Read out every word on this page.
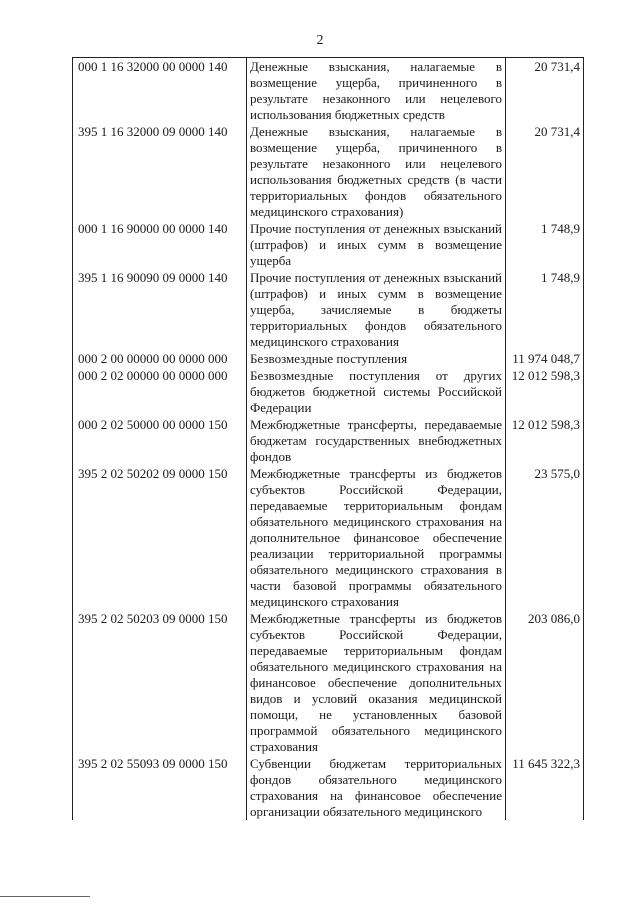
2
000 1 16 32000 00 0000 140	Денежные взыскания, налагаемые в возмещение ущерба, причиненного в результате незаконного или нецелевого использования бюджетных средств	20 731,4
395 1 16 32000 09 0000 140	Денежные взыскания, налагаемые в возмещение ущерба, причиненного в результате незаконного или нецелевого использования бюджетных средств (в части территориальных фондов обязательного медицинского страхования)	20 731,4
000 1 16 90000 00 0000 140	Прочие поступления от денежных взысканий (штрафов) и иных сумм в возмещение ущерба	1 748,9
395 1 16 90090 09 0000 140	Прочие поступления от денежных взысканий (штрафов) и иных сумм в возмещение ущерба, зачисляемые в бюджеты территориальных фондов обязательного медицинского страхования	1 748,9
000 2 00 00000 00 0000 000	Безвозмездные поступления	11 974 048,7
000 2 02 00000 00 0000 000	Безвозмездные поступления от других бюджетов бюджетной системы Российской Федерации	12 012 598,3
000 2 02 50000 00 0000 150	Межбюджетные трансферты, передаваемые бюджетам государственных внебюджетных фондов	12 012 598,3
395 2 02 50202 09 0000 150	Межбюджетные трансферты из бюджетов субъектов Российской Федерации, передаваемые территориальным фондам обязательного медицинского страхования на дополнительное финансовое обеспечение реализации территориальной программы обязательного медицинского страхования в части базовой программы обязательного медицинского страхования	23 575,0
395 2 02 50203 09 0000 150	Межбюджетные трансферты из бюджетов субъектов Российской Федерации, передаваемые территориальным фондам обязательного медицинского страхования на финансовое обеспечение дополнительных видов и условий оказания медицинской помощи, не установленных базовой программой обязательного медицинского страхования	203 086,0
395 2 02 55093 09 0000 150	Субвенции бюджетам территориальных фондов обязательного медицинского страхования на финансовое обеспечение организации обязательного медицинского	11 645 322,3
